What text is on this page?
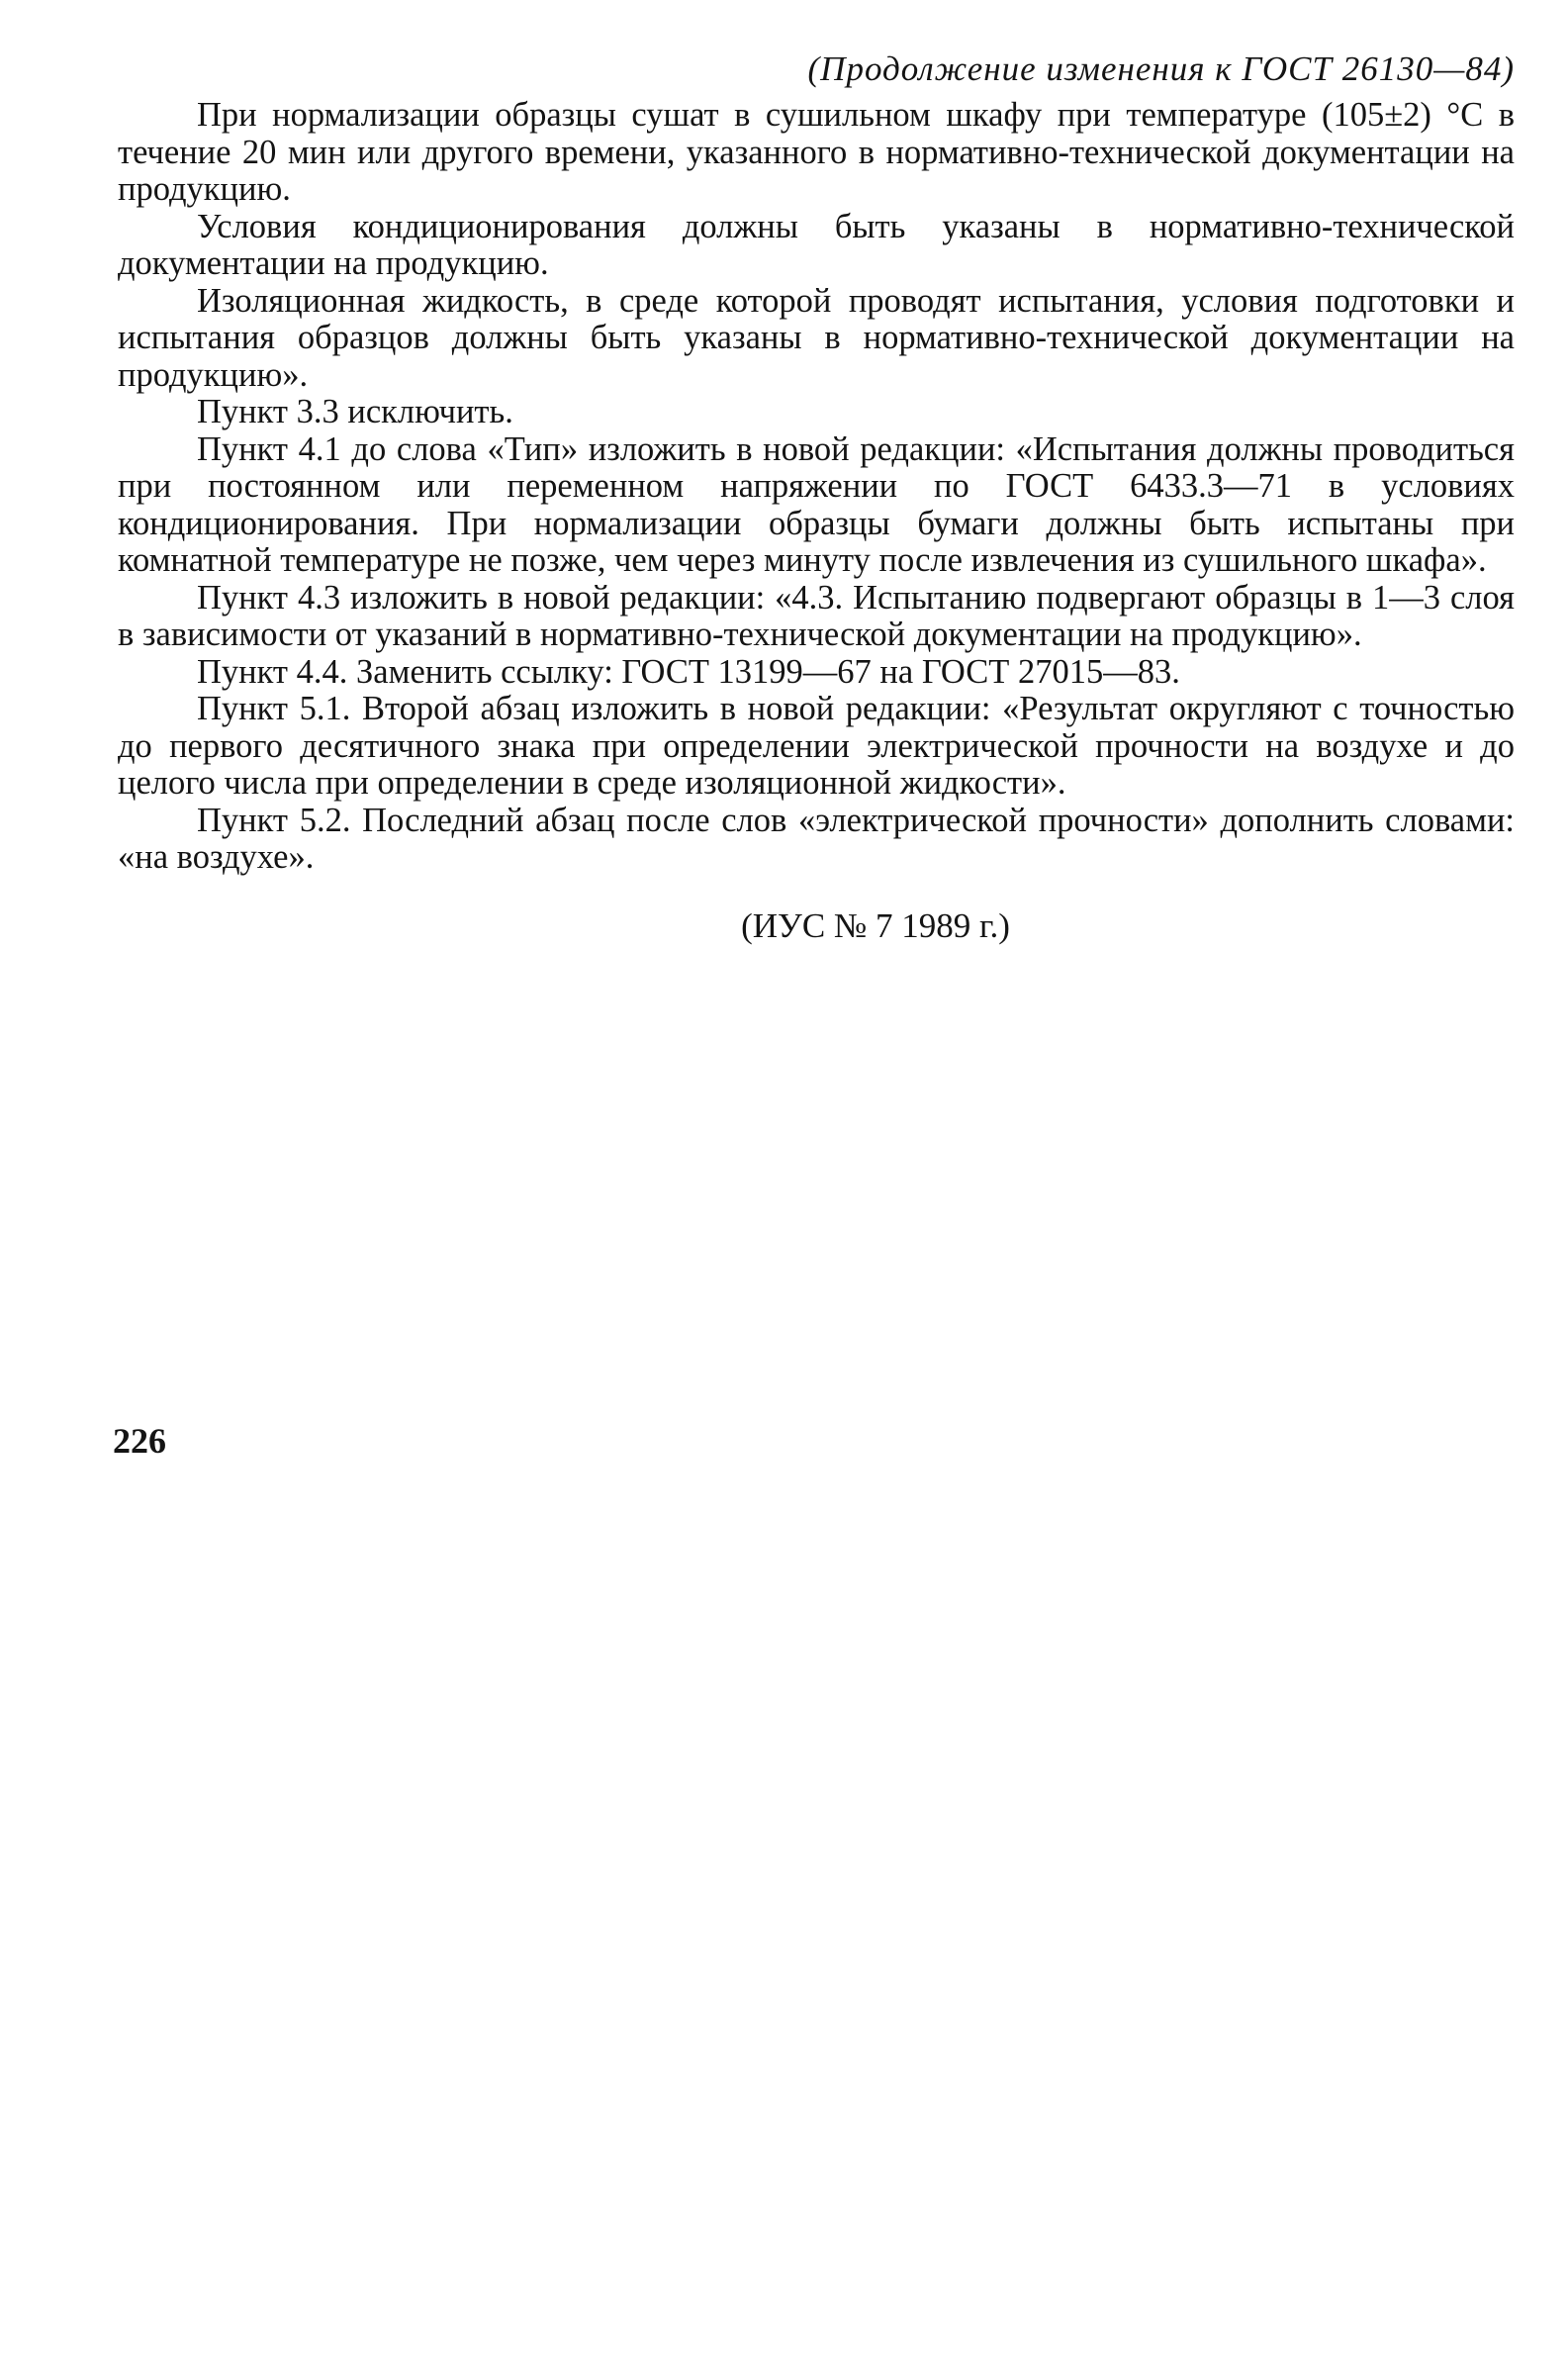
(Продолжение изменения к ГОСТ 26130—84)

При нормализации образцы сушат в сушильном шкафу при температуре (105±2) °С в течение 20 мин или другого времени, указанного в нормативно-технической документации на продукцию.

Условия кондиционирования должны быть указаны в нормативно-технической документации на продукцию.

Изоляционная жидкость, в среде которой проводят испытания, условия подготовки и испытания образцов должны быть указаны в нормативно-технической документации на продукцию».

Пункт 3.3 исключить.

Пункт 4.1 до слова «Тип» изложить в новой редакции: «Испытания должны проводиться при постоянном или переменном напряжении по ГОСТ 6433.3—71 в условиях кондиционирования. При нормализации образцы бумаги должны быть испытаны при комнатной температуре не позже, чем через минуту после извлечения из сушильного шкафа».

Пункт 4.3 изложить в новой редакции: «4.3. Испытанию подвергают образцы в 1—3 слоя в зависимости от указаний в нормативно-технической документации на продукцию».

Пункт 4.4. Заменить ссылку: ГОСТ 13199—67 на ГОСТ 27015—83.

Пункт 5.1. Второй абзац изложить в новой редакции: «Результат округляют с точностью до первого десятичного знака при определении электрической прочности на воздухе и до целого числа при определении в среде изоляционной жидкости».

Пункт 5.2. Последний абзац после слов «электрической прочности» дополнить словами: «на воздухе».

(ИУС № 7 1989 г.)
226
